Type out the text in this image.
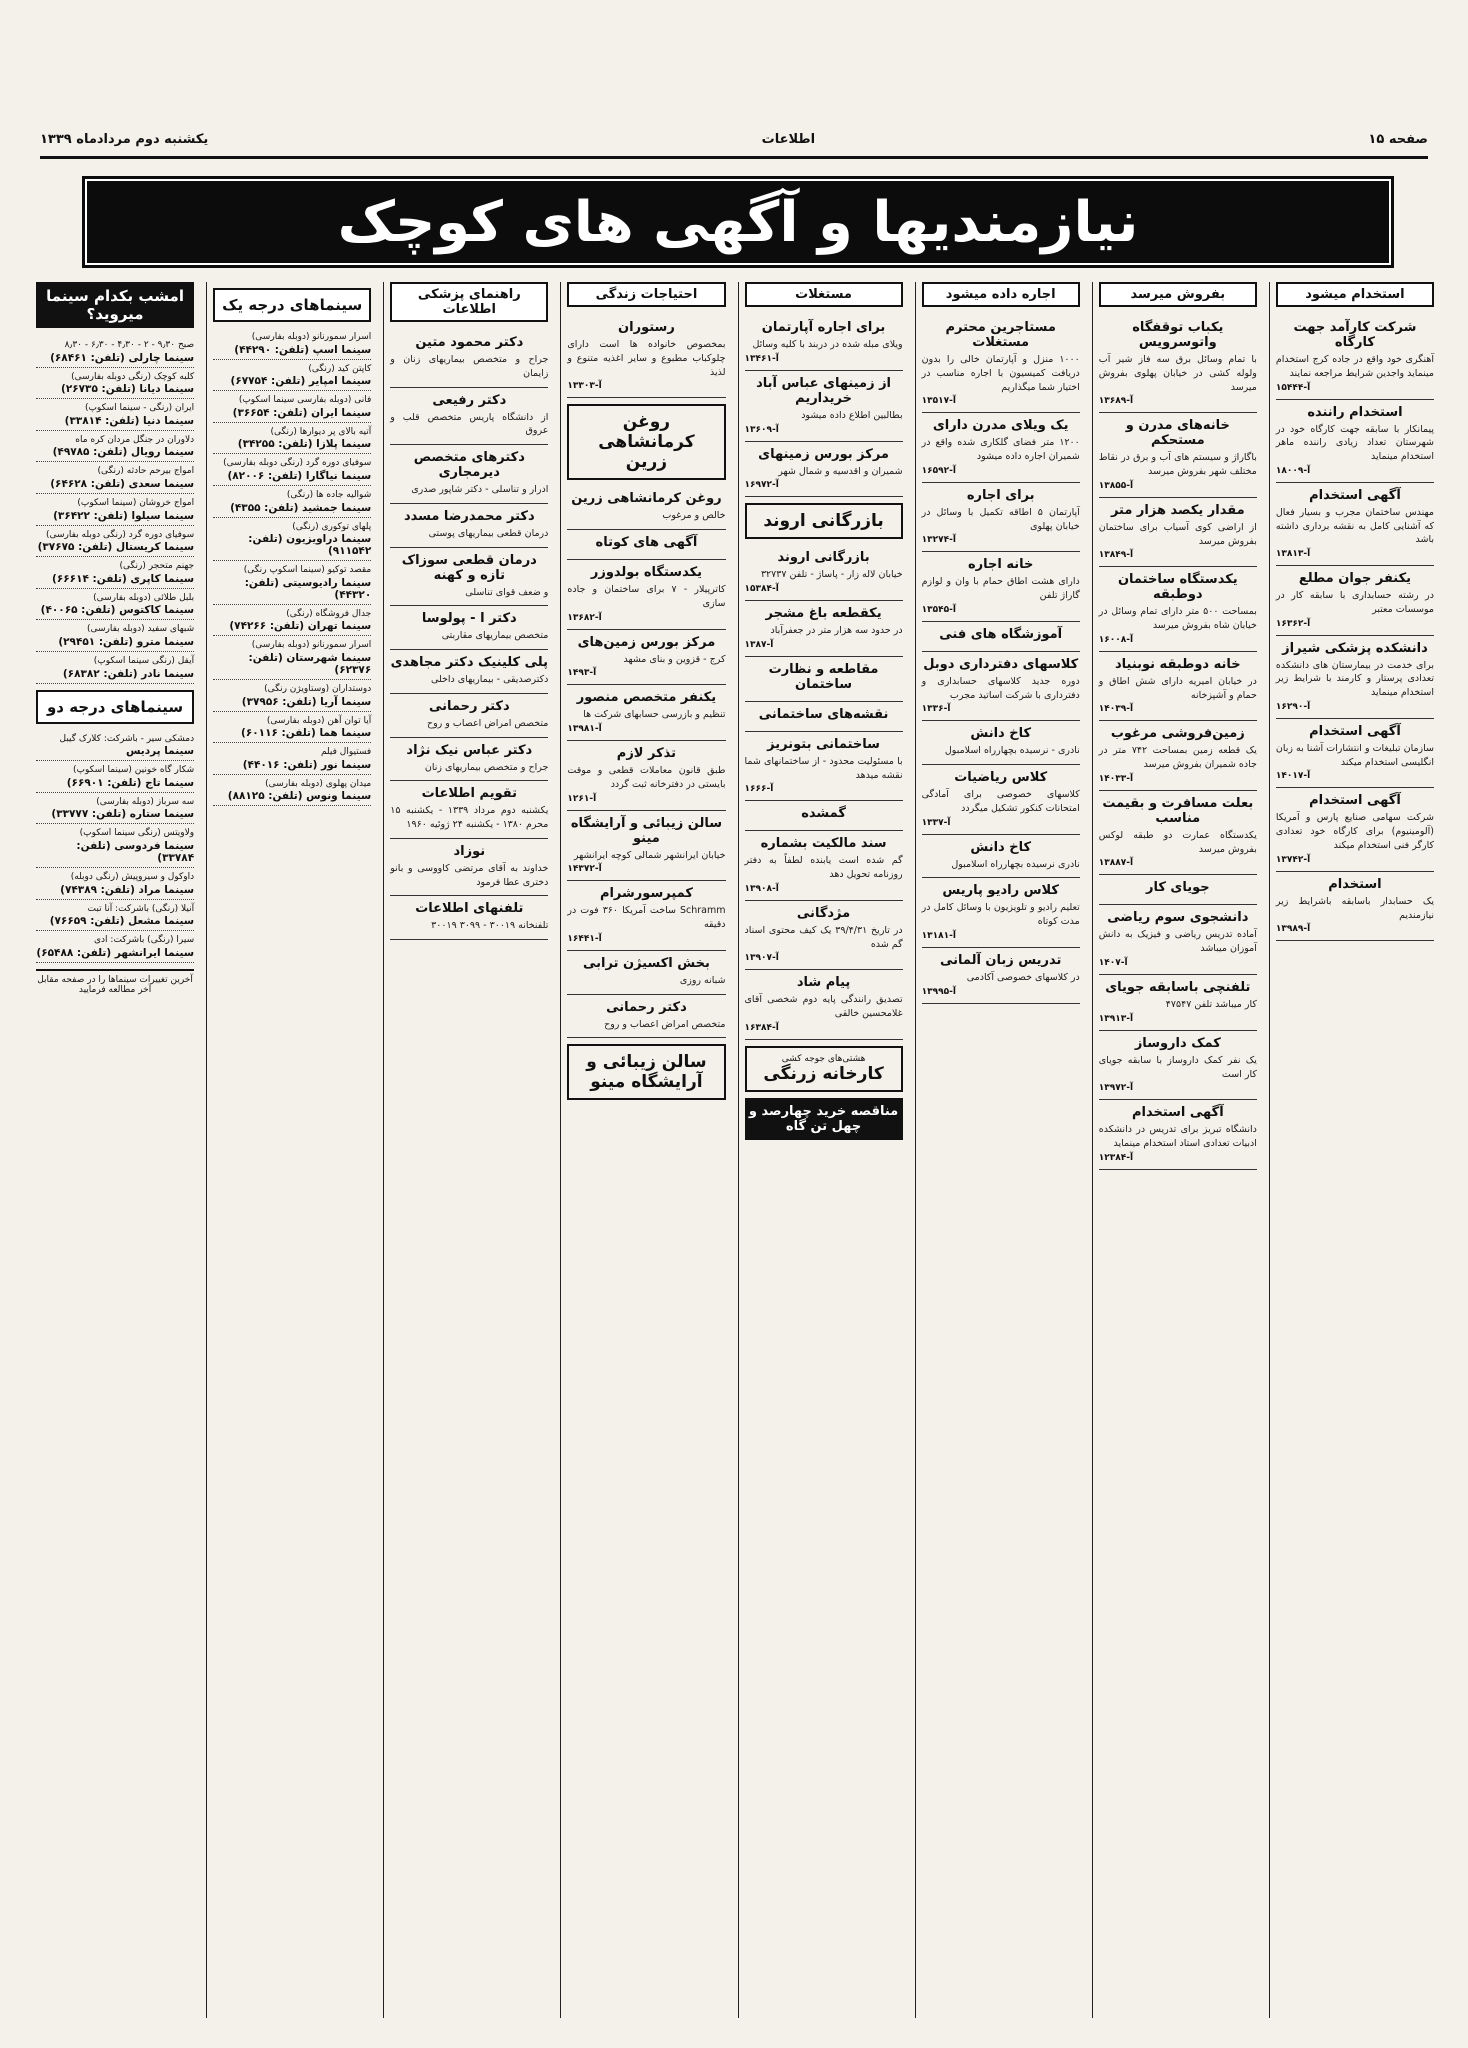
صفحه ۱۵
اطلاعات
یکشنبه دوم مردادماه ۱۳۳۹
نیازمندیها و آگهی های کوچک
استخدام میشود
شرکت کارآمد جهت کارگاه
آهنگری خود واقع در جاده کرج استخدام مینماید واجدین شرایط مراجعه نمایند
آ-۱۵۴۴۴
استخدام راننده
پیمانکار با سابقه جهت کارگاه خود در شهرستان تعداد زیادی راننده ماهر استخدام مینماید
آ-۱۸۰۰۹
آگهی استخدام
مهندس ساختمان مجرب و بسیار فعال که آشنایی کامل به نقشه برداری داشته باشد
آ-۱۳۸۱۳
یکنفر جوان مطلع
در رشته حسابداری با سابقه کار در موسسات معتبر
آ-۱۶۳۶۲
دانشکده پزشکی شیراز
برای خدمت در بیمارستان های دانشکده تعدادی پرستار و کارمند با شرایط زیر استخدام مینماید
آ-۱۶۲۹۰
آگهی استخدام
سازمان تبلیغات و انتشارات آشنا به زبان انگلیسی استخدام میکند
آ-۱۴۰۱۷
آگهی استخدام
شرکت سهامی صنایع پارس و آمریکا (آلومینیوم) برای کارگاه خود تعدادی کارگر فنی استخدام میکند
آ-۱۳۷۴۲
استخدام
یک حسابدار باسابقه باشرایط زیر نیازمندیم
آ-۱۳۹۸۹
بفروش میرسد
یکباب توقفگاه واتوسرویس
با تمام وسائل برق سه فاز شیر آب ولوله کشی در خیابان پهلوی بفروش میرسد
آ-۱۳۶۸۹
خانه‌های مدرن و مستحکم
باگاراژ و سیستم های آب و برق در نقاط مختلف شهر بفروش میرسد
آ-۱۳۸۵۵
مقدار یکصد هزار متر
از اراضی کوی آسیاب برای ساختمان بفروش میرسد
آ-۱۳۸۴۹
یکدستگاه ساختمان دوطبقه
بمساحت ۵۰۰ متر دارای تمام وسائل در خیابان شاه بفروش میرسد
آ-۱۶۰۰۸
خانه دوطبقه نوبنیاد
در خیابان امیریه دارای شش اطاق و حمام و آشپزخانه
آ-۱۴۰۳۹
زمین‌فروشی مرغوب
یک قطعه زمین بمساحت ۷۴۲ متر در جاده شمیران بفروش میرسد
آ-۱۴۰۳۳
بعلت مسافرت و بقیمت مناسب
یکدستگاه عمارت دو طبقه لوکس بفروش میرسد
آ-۱۳۸۸۷
جویای کار
دانشجوی سوم ریاضی
آماده تدریس ریاضی و فیزیک به دانش آموزان میباشد
آ-۱۴۰۷
تلفنچی باسابقه جویای
کار میباشد تلفن ۴۷۵۴۷
آ-۱۳۹۱۳
کمک داروساز
یک نفر کمک داروساز با سابقه جویای کار است
آ-۱۳۹۷۲
آگهی استخدام
دانشگاه تبریز برای تدریس در دانشکده ادبیات تعدادی استاد استخدام مینماید
آ-۱۲۳۸۴
اجاره داده میشود
مستاجرین محترم مستغلات
۱۰۰۰ منزل و آپارتمان خالی را بدون دریافت کمیسیون با اجاره مناسب در اختیار شما میگذاریم
آ-۱۳۵۱۷
یک ویلای مدرن دارای
۱۲۰۰ متر فضای گلکاری شده واقع در شمیران اجاره داده میشود
آ-۱۶۵۹۲
برای اجاره
آپارتمان ۵ اطاقه تکمیل با وسائل در خیابان پهلوی
آ-۱۳۲۷۴
خانه اجاره
دارای هشت اطاق حمام با وان و لوازم گاراژ تلفن
آ-۱۳۵۴۵
آموزشگاه های فنی
کلاسهای دفترداری دوبل
دوره جدید کلاسهای حسابداری و دفترداری با شرکت اساتید مجرب
آ-۱۳۳۶
کاخ دانش
نادری - نرسیده بچهارراه اسلامبول
کلاس ریاضیات
کلاسهای خصوصی برای آمادگی امتحانات کنکور تشکیل میگردد
آ-۱۳۳۷
کاخ دانش
نادری نرسیده بچهارراه اسلامبول
کلاس رادیو پاریس
تعلیم رادیو و تلویزیون با وسائل کامل در مدت کوتاه
آ-۱۳۱۸۱
تدریس زبان آلمانی
در کلاسهای خصوصی آکادمی
آ-۱۳۹۹۵
مستغلات
برای اجاره آپارتمان
ویلای مبله شده در دربند با کلیه وسائل
آ-۱۳۴۶۱
از زمینهای عباس آباد خریداریم
بطالبین اطلاع داده میشود
آ-۱۳۶۰۹
مرکز بورس زمینهای
شمیران و اقدسیه و شمال شهر
آ-۱۶۹۷۲
بازرگانی اروند
بازرگانی اروند
خیابان لاله زار - پاساژ - تلفن ۳۲۷۳۷
آ-۱۵۳۸۴
یکقطعه باغ مشجر
در حدود سه هزار متر در جعفرآباد
آ-۱۳۸۷
مقاطعه و نظارت ساختمان
نقشه‌های ساختمانی
ساختمانی بتونریز
با مسئولیت محدود - از ساختمانهای شما نقشه میدهد
آ-۱۶۶۶
گمشده
سند مالکیت بشماره
گم شده است یابنده لطفاً به دفتر روزنامه تحویل دهد
آ-۱۳۹۰۸
مژدگانی
در تاریخ ۳۹/۴/۳۱ یک کیف محتوی اسناد گم شده
آ-۱۳۹۰۷
پیام شاد
تصدیق رانندگی پایه دوم شخصی آقای غلامحسین خالقی
آ-۱۶۳۸۴
هشتی‌های جوجه کشی
کارخانه زرنگی
مناقصه خرید چهارصد و چهل تن گاه
احتیاجات زندگی
رستوران
بمخصوص خانواده ها است دارای چلوکباب مطبوع و سایر اغذیه متنوع و لذیذ
آ-۱۳۳۰۳
روغن کرمانشاهی زرین
روغن کرمانشاهی زرین
خالص و مرغوب
آگهی های کوتاه
یکدستگاه بولدوزر
کاترپیلار - ۷ برای ساختمان و جاده سازی
آ-۱۳۶۸۲
مرکز بورس زمین‌های
کرج - قزوین و بنای مشهد
آ-۱۴۹۳
یکنفر متخصص منصور
تنظیم و بازرسی حسابهای شرکت ها
آ-۱۳۹۸۱
تذکر لازم
طبق قانون معاملات قطعی و موقت بایستی در دفترخانه ثبت گردد
آ-۱۲۶۱
سالن زیبائی و آرایشگاه مینو
خیابان ایرانشهر شمالی کوچه ایرانشهر
آ-۱۴۳۷۲
کمپرسورشرام
Schramm ساخت آمریکا ۳۶۰ فوت در دقیقه
آ-۱۶۴۴۱
بخش اکسیژن ترابی
شبانه روزی
دکتر رحمانی
متخصص امراض اعصاب و روح
سالن زیبائی و آرایشگاه مینو
راهنمای پزشکی اطلاعات
دکتر محمود متین
جراح و متخصص بیماریهای زنان و زایمان
دکتر رفیعی
از دانشگاه پاریس متخصص قلب و عروق
دکترهای متخصص دیرمجاری
ادرار و تناسلی - دکتر شاپور صدری
دکتر محمدرضا مسدد
درمان قطعی بیماریهای پوستی
درمان قطعی سوزاک تازه و کهنه
و ضعف قوای تناسلی
دکتر ا - پولوسا
متخصص بیماریهای مقاربتی
پلی کلینیک دکتر مجاهدی
دکترصدیقی - بیماریهای داخلی
دکتر رحمانی
متخصص امراض اعصاب و روح
دکتر عباس نیک نژاد
جراح و متخصص بیماریهای زنان
تقویم اطلاعات
یکشنبه دوم مرداد ۱۳۳۹ - یکشنبه ۱۵ محرم ۱۳۸۰ - یکشنبه ۲۴ ژوئیه ۱۹۶۰
نوزاد
خداوند به آقای مرتضی کاووسی و بانو دختری عطا فرمود
تلفنهای اطلاعات
تلفنخانه ۳۰۰۱۹ - ۳۰۹۹ ۳۰۰۱۹
سینماهای درجه یک
اسرار سمورنانو (دوبله بفارسی)
سینما اسپ (تلفن: ۴۴۲۹۰)
کاپتن کید (رنگی)
سینما امپایر (تلفن: ۶۷۷۵۴)
فانی (دوبله بفارسی سینما اسکوپ)
سینما ایران (تلفن: ۳۶۶۵۴)
آتیه بالای پر دیوارها (رنگی)
سینما پلازا (تلفن: ۳۴۲۵۵)
سوفیای دوره گرد (رنگی دوبله بفارسی)
سینما نیاگارا (تلفن: ۸۲۰۰۶)
شوالیه جاده ها (رنگی)
سینما جمشید (تلفن: ۴۳۵۵)
پلهای توکوری (رنگی)
سینما دراویزیون (تلفن: ۹۱۱۵۴۲)
مقصد توکیو (سینما اسکوپ رنگی)
سینما رادیوسیتی (تلفن: ۴۴۳۲۰)
جدال فروشگاه (رنگی)
سینما تهران (تلفن: ۷۴۲۶۶)
اسرار سمورنانو (دوبله بفارسی)
سینما شهرستان (تلفن: ۶۲۳۷۶)
دوستداران (وستاویژن رنگی)
سینما آریا (تلفن: ۳۷۹۵۶)
آیا توان آهن (دوبله بفارسی)
سینما هما (تلفن: ۶۰۱۱۶)
فستیوال فیلم
سینما نور (تلفن: ۴۴۰۱۶)
میدان پهلوی (دوبله بفارسی)
سینما ونوس (تلفن: ۸۸۱۲۵)
امشب بکدام سینما میروید؟
صبح ۹٫۳۰ - ۲ - ۴٫۳۰ - ۶٫۳۰ - ۸٫۳۰
سینما چارلی (تلفن: ۶۸۴۶۱)
کلبه کوچک (رنگی دوبله بفارسی)
سینما دیانا (تلفن: ۲۶۷۳۵)
ایران (رنگی - سینما اسکوپ)
سینما دنیا (تلفن: ۳۳۸۱۴)
دلاوران در جنگل مردان کره ماه
سینما رویال (تلفن: ۴۹۷۸۵)
امواج بیرحم حادثه (رنگی)
سینما سعدی (تلفن: ۶۴۶۲۸)
امواج خروشان (سینما اسکوپ)
سینما سیلوا (تلفن: ۳۶۴۲۲)
سوفیای دوره گرد (رنگی دوبله بفارسی)
سینما کریستال (تلفن: ۳۷۶۷۵)
جهنم متحجر (رنگی)
سینما کاپری (تلفن: ۶۶۶۱۴)
بلبل طلائی (دوبله بفارسی)
سینما کاکتوس (تلفن: ۴۰۰۶۵)
شبهای سفید (دوبله بفارسی)
سینما مترو (تلفن: ۲۹۴۵۱)
آیفل (رنگی سینما اسکوپ)
سینما نادر (تلفن: ۶۸۳۸۲)
سینماهای درجه دو
دمشکی سیر - باشرکت: کلارک گیبل
سینما پردیس
شکار گاه خونین (سینما اسکوپ)
سینما تاج (تلفن: ۶۶۹۰۱)
سه سرباز (دوبله بفارسی)
سینما ستاره (تلفن: ۳۳۷۷۷)
ولاویتس (رنگی سینما اسکوپ)
سینما فردوسی (تلفن: ۳۳۷۸۴)
داوکول و سیروپیش (رنگی دوبله)
سینما مراد (تلفن: ۷۴۳۸۹)
آنیلا (رنگی) باشرکت: آنا تبت
سینما مشعل (تلفن: ۷۶۶۵۹)
سیرا (رنگی) باشرکت: ادی
سینما ایرانشهر (تلفن: ۶۵۴۸۸)
آخرین تغییرات سینماها را در صفحه مقابل آخر مطالعه فرمایید
